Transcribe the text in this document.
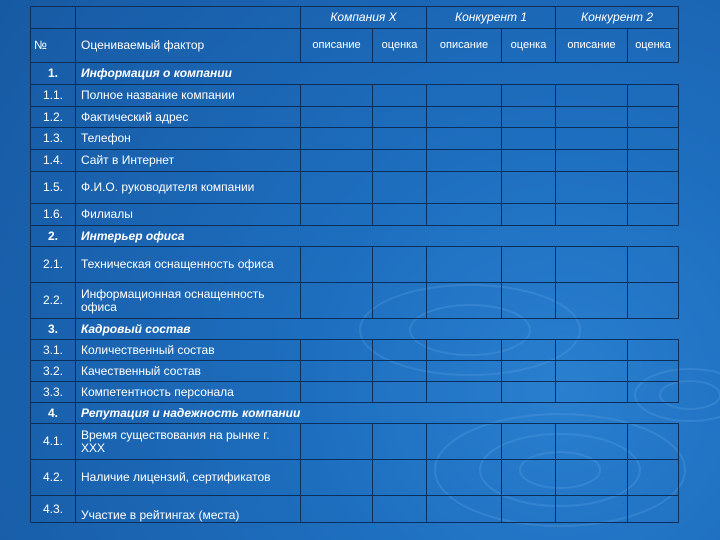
		Компания Х		Конкурент 1		Конкурент 2	
№	Оцениваемый фактор	описание	оценка	описание	оценка	описание	оценка
1.	Информация о компании						
1.1.	Полное название компании						
1.2.	Фактический адрес						
1.3.	Телефон						
1.4.	Сайт в Интернет						
1.5.	Ф.И.О. руководителя компании						
1.6.	Филиалы						
2.	Интерьер офиса						
2.1.	Техническая оснащенность офиса						
2.2.	Информационная оснащенность офиса						
3.	Кадровый состав						
3.1.	Количественный состав						
3.2.	Качественный состав						
3.3.	Компетентность персонала						
4.	Репутация и надежность компании						
4.1.	Время существования на рынке г. ХХХ						
4.2.	Наличие лицензий, сертификатов						
4.3.	Участие в рейтингах (места)						
